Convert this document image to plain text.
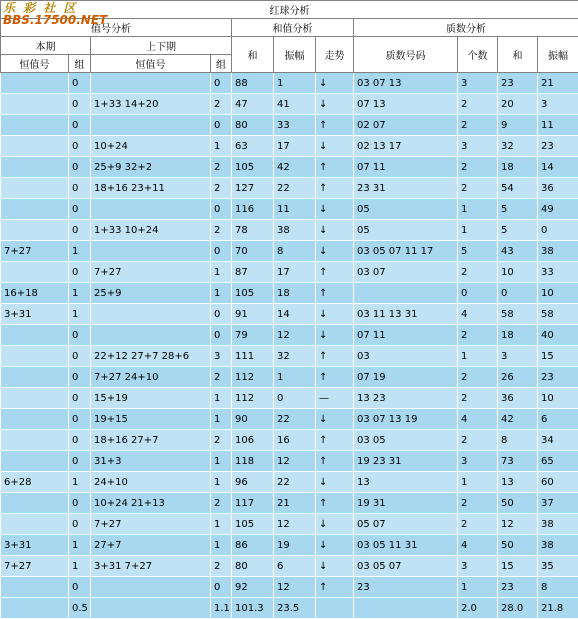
红球分析										
值号分析				和值分析			质数分析			
本期		上下期		和	振幅	走势	质数号码	个数	和	振幅
恒值号	组	恒值号	组							
	0		0	88	1	↓	03 07 13	3	23	21
	0	1+33 14+20	2	47	41	↓	07 13	2	20	3
	0		0	80	33	↑	02 07	2	9	11
	0	10+24	1	63	17	↓	02 13 17	3	32	23
	0	25+9 32+2	2	105	42	↑	07 11	2	18	14
	0	18+16 23+11	2	127	22	↑	23 31	2	54	36
	0		0	116	11	↓	05	1	5	49
	0	1+33 10+24	2	78	38	↓	05	1	5	0
7+27	1		0	70	8	↓	03 05 07 11 17	5	43	38
	0	7+27	1	87	17	↑	03 07	2	10	33
16+18	1	25+9	1	105	18	↑		0	0	10
3+31	1		0	91	14	↓	03 11 13 31	4	58	58
	0		0	79	12	↓	07 11	2	18	40
	0	22+12 27+7 28+6	3	111	32	↑	03	1	3	15
	0	7+27 24+10	2	112	1	↑	07 19	2	26	23
	0	15+19	1	112	0	—	13 23	2	36	10
	0	19+15	1	90	22	↓	03 07 13 19	4	42	6
	0	18+16 27+7	2	106	16	↑	03 05	2	8	34
	0	31+3	1	118	12	↑	19 23 31	3	73	65
6+28	1	24+10	1	96	22	↓	13	1	13	60
	0	10+24 21+13	2	117	21	↑	19 31	2	50	37
	0	7+27	1	105	12	↓	05 07	2	12	38
3+31	1	27+7	1	86	19	↓	03 05 11 31	4	50	38
7+27	1	3+31 7+27	2	80	6	↓	03 05 07	3	15	35
	0		0	92	12	↑	23	1	23	8
	0.5		1.1	101.3	23.5			2.0	28.0	21.8
乐 彩 社 区
BBS.17500.NET
